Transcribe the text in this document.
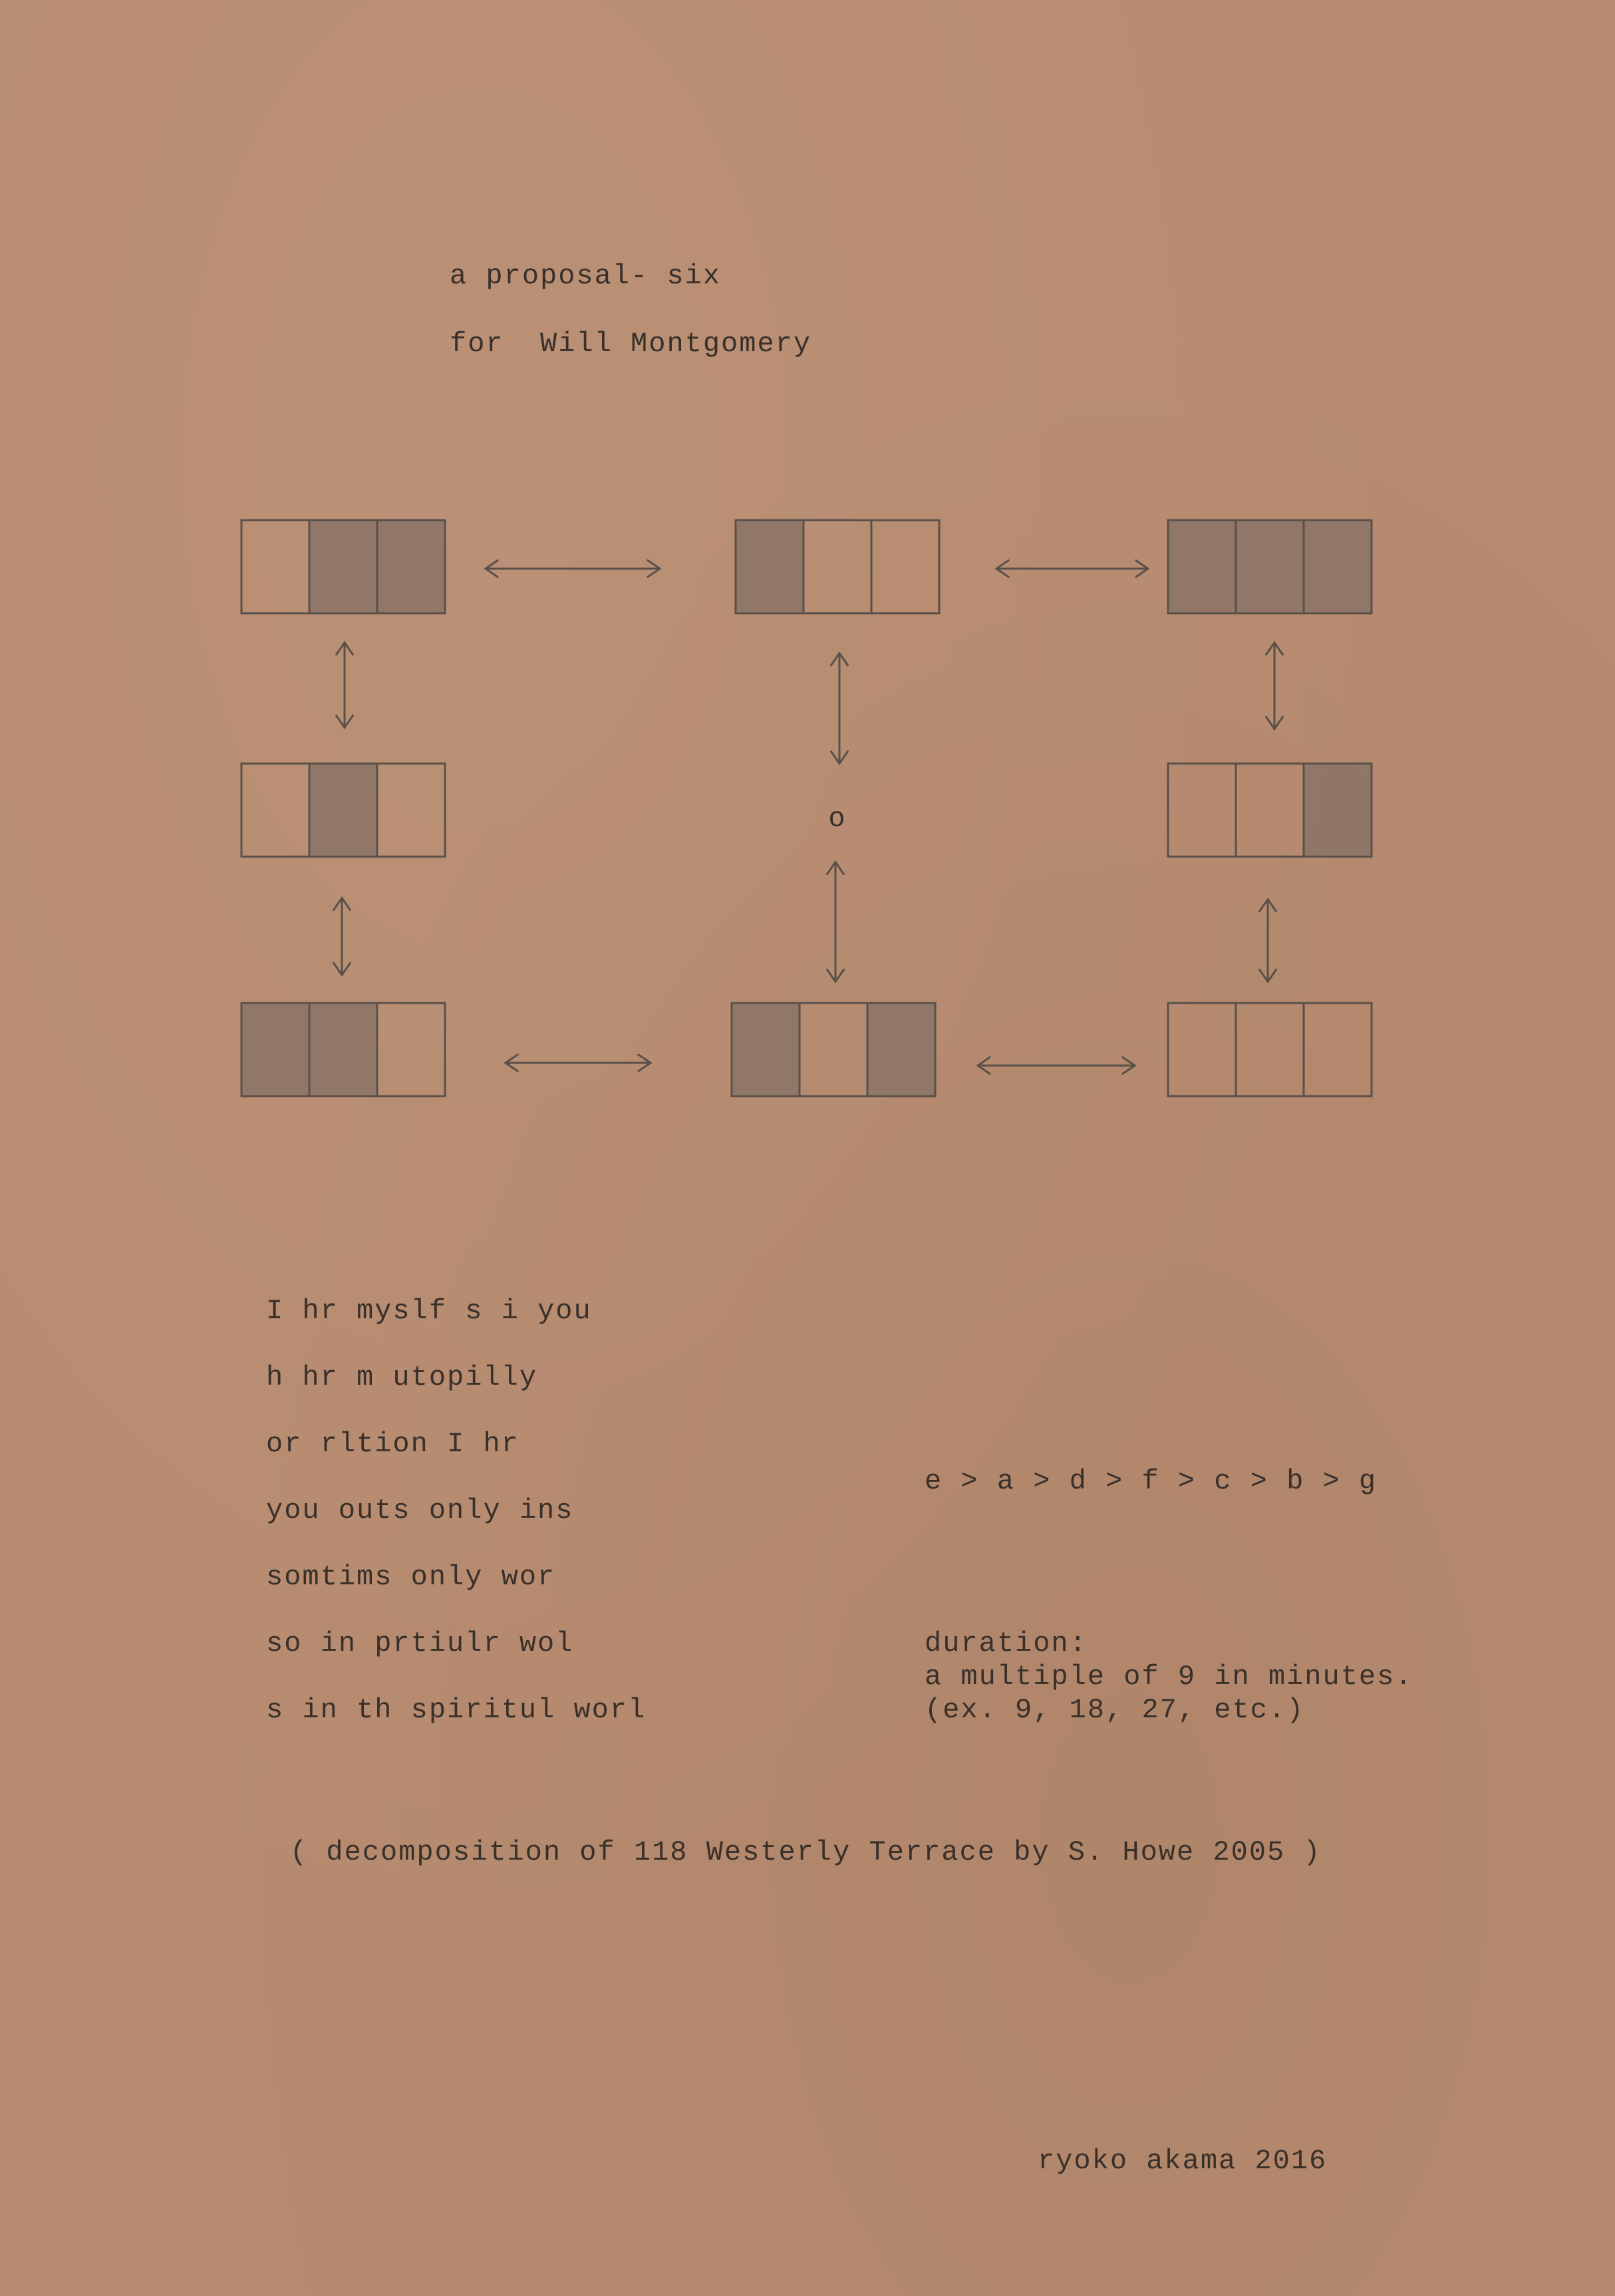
a proposal- six
for  Will Montgomery
o
I hr myslf s i you
h hr m utopilly
or rltion I hr
you outs only ins
somtims only wor
so in prtiulr wol
s in th spiritul worl
e > a > d > f > c > b > g
duration:
a multiple of 9 in minutes.
(ex. 9, 18, 27, etc.)
( decomposition of 118 Westerly Terrace by S. Howe 2005 )
ryoko akama 2016
